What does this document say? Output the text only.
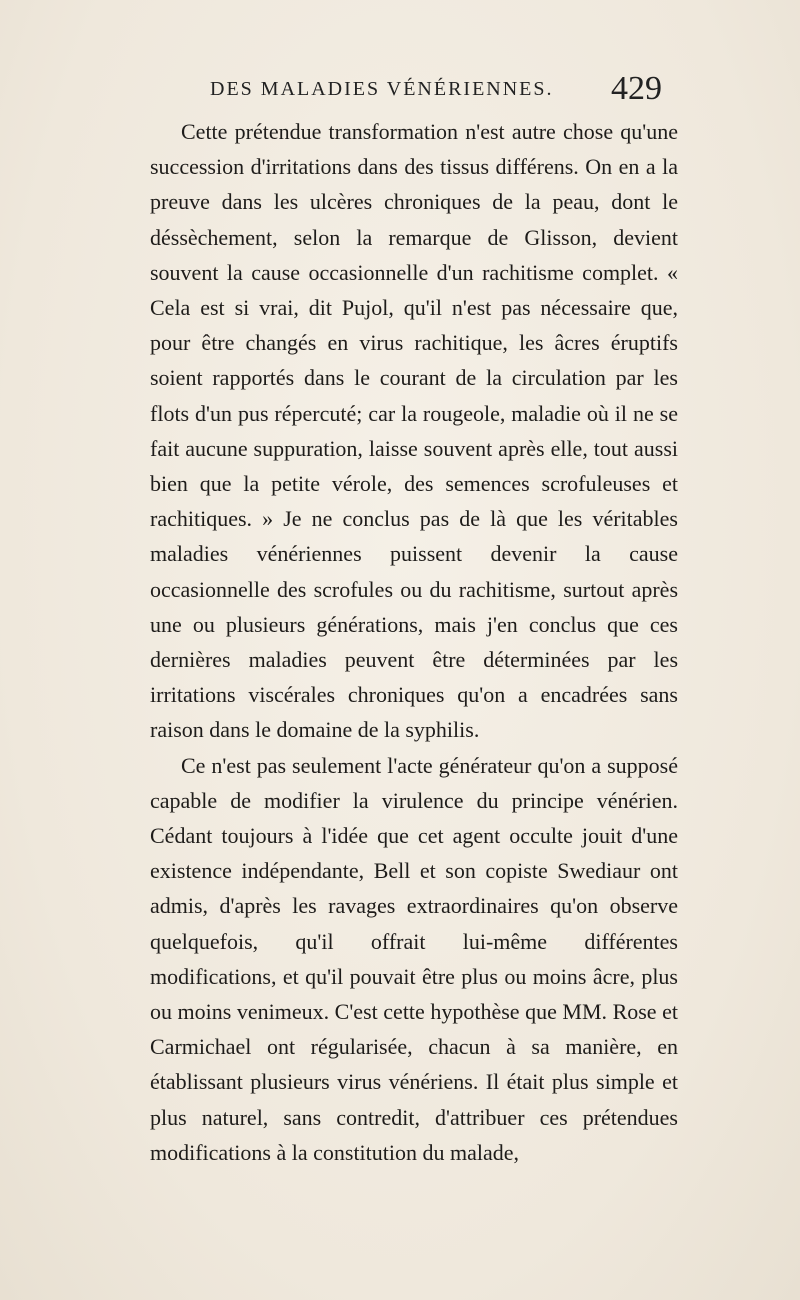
DES MALADIES VÉNÉRIENNES.	429

Cette prétendue transformation n'est autre chose qu'une succession d'irritations dans des tissus différens. On en a la preuve dans les ulcères chroniques de la peau, dont le déssèchement, selon la remarque de Glisson, devient souvent la cause occasionnelle d'un rachitisme complet. « Cela est si vrai, dit Pujol, qu'il n'est pas nécessaire que, pour être changés en virus rachitique, les âcres éruptifs soient rapportés dans le courant de la circulation par les flots d'un pus répercuté; car la rougeole, maladie où il ne se fait aucune suppuration, laisse souvent après elle, tout aussi bien que la petite vérole, des semences scrofuleuses et rachitiques. » Je ne conclus pas de là que les véritables maladies vénériennes puissent devenir la cause occasionnelle des scrofules ou du rachitisme, surtout après une ou plusieurs générations, mais j'en conclus que ces dernières maladies peuvent être déterminées par les irritations viscérales chroniques qu'on a encadrées sans raison dans le domaine de la syphilis.

Ce n'est pas seulement l'acte générateur qu'on a supposé capable de modifier la virulence du principe vénérien. Cédant toujours à l'idée que cet agent occulte jouit d'une existence indépendante, Bell et son copiste Swediaur ont admis, d'après les ravages extraordinaires qu'on observe quelquefois, qu'il offrait lui-même différentes modifications, et qu'il pouvait être plus ou moins âcre, plus ou moins venimeux. C'est cette hypothèse que MM. Rose et Carmichael ont régularisée, chacun à sa manière, en établissant plusieurs virus vénériens. Il était plus simple et plus naturel, sans contredit, d'attribuer ces prétendues modifications à la constitution du malade,
